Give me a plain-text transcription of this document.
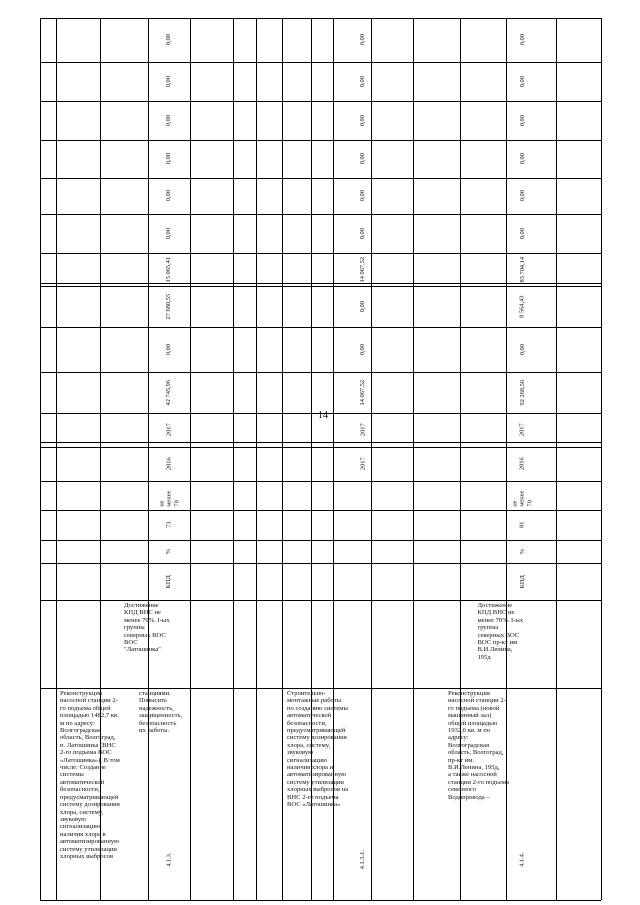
14
0,00
0,00
0,00
0,00
0,00
0,00
15 065,41
27 680,55
0,00
42 745,96
2017
2016
не менее 70
73
%
КПД
Достижение
КПД ВНС не
менее 70%. I-ых
группы
северных ВОС
ВОС
"Латошинка"
станциями.
Повысить
надежность,
защищенность,
безопасность
их работы.
Реконструкция
насосной станции 2-
го подъема общей
площадью 1482,7 кв.
м по адресу:
Волгоградская
область, Волгоград,
п. Латошинка (ВНС
2-го подъема ВОС
«Латошинка»). В том
числе: Создание
системы
автоматической
безопасности,
предусматривающей
систему дозирования
хлора, систему,
звуковую
сигнализацию
наличия хлора в
автоматизированную
систему утилизации
хлорных выбросов	4.1.3.
0,00
0,00
0,00
0,00
0,00
0,00
14 067,52
0,00
0,00
14 067,52
2017
2017
Строительно-
монтажные работы
по созданию системы
автоматической
безопасности,
предусматривающей
систему дозирования
хлора, систему,
звуковую
сигнализацию
наличия хлора и
автоматизированную
систему утилизации
хлорных выбросов на
ВНС 2-го подъема
ВОС «Латошинка»
4.1.3.1.
0,00
0,00
0,00
0,00
0,00
0,00
83 704,14
8 564,43
0,00
92 268,56
2017
2016
не менее 70
81
%
КПД
Достижение
КПД ВНС не
менее 70%. I-ых
группы
северных ВОС
ВОС пр-кт им
В.И.Ленина,
195д
Реконструкция
насосной станции 2-
го подъема (новой
машинный зал)
общей площадью
1932,6 кв. м по
адресу:
Волгоградская
область, Волгоград,
пр-кт им.
В.И.Ленина, 195д,
а также насосной
станции 2-го подъема
северного
Водопровода –
4.1.4.
